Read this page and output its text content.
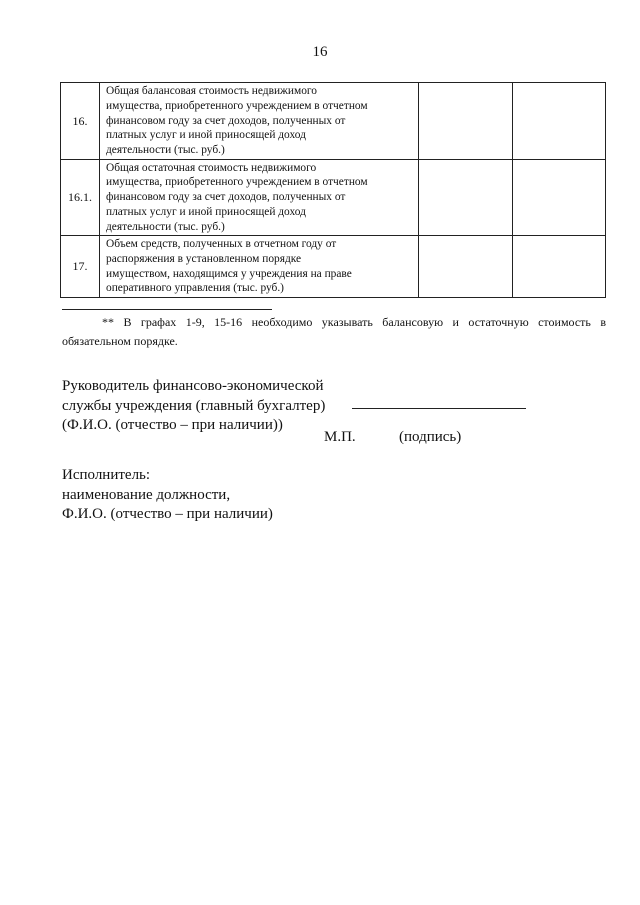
16
16.	Общая балансовая стоимость недвижимого
имущества, приобретенного учреждением в отчетном
финансовом году за счет доходов, полученных от
платных услуг и иной приносящей доход
деятельности (тыс. руб.)		

16.1.	Общая остаточная стоимость недвижимого
имущества, приобретенного учреждением в отчетном
финансовом году за счет доходов, полученных от
платных услуг и иной приносящей доход
деятельности (тыс. руб.)		

17.	Объем средств, полученных в отчетном году от
распоряжения в установленном порядке
имуществом, находящимся у учреждения на праве
оперативного управления (тыс. руб.)		

** В графах 1-9, 15-16 необходимо указывать балансовую и остаточную стоимость в обязательном порядке.
Руководитель финансово-экономической
службы учреждения (главный бухгалтер)
(Ф.И.О. (отчество – при наличии))
М.П.	(подпись)
Исполнитель:
наименование должности,
Ф.И.О. (отчество – при наличии)
